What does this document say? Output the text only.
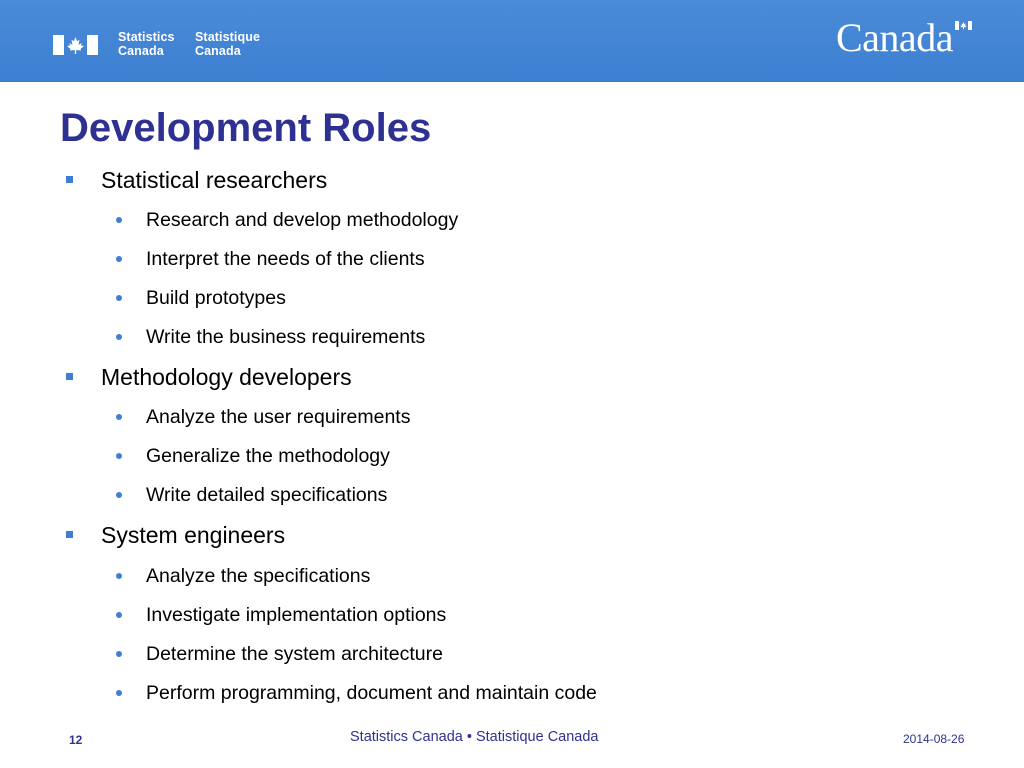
Statistics
Canada
Statistique
Canada	Canada
Development Roles
Statistical researchers
Research and develop methodology
Interpret the needs of the clients
Build prototypes
Write the business requirements
Methodology developers
Analyze the user requirements
Generalize the methodology
Write detailed specifications
System engineers
Analyze the specifications
Investigate implementation options
Determine the system architecture
Perform programming, document and maintain code
12	Statistics Canada • Statistique Canada	2014-08-26
